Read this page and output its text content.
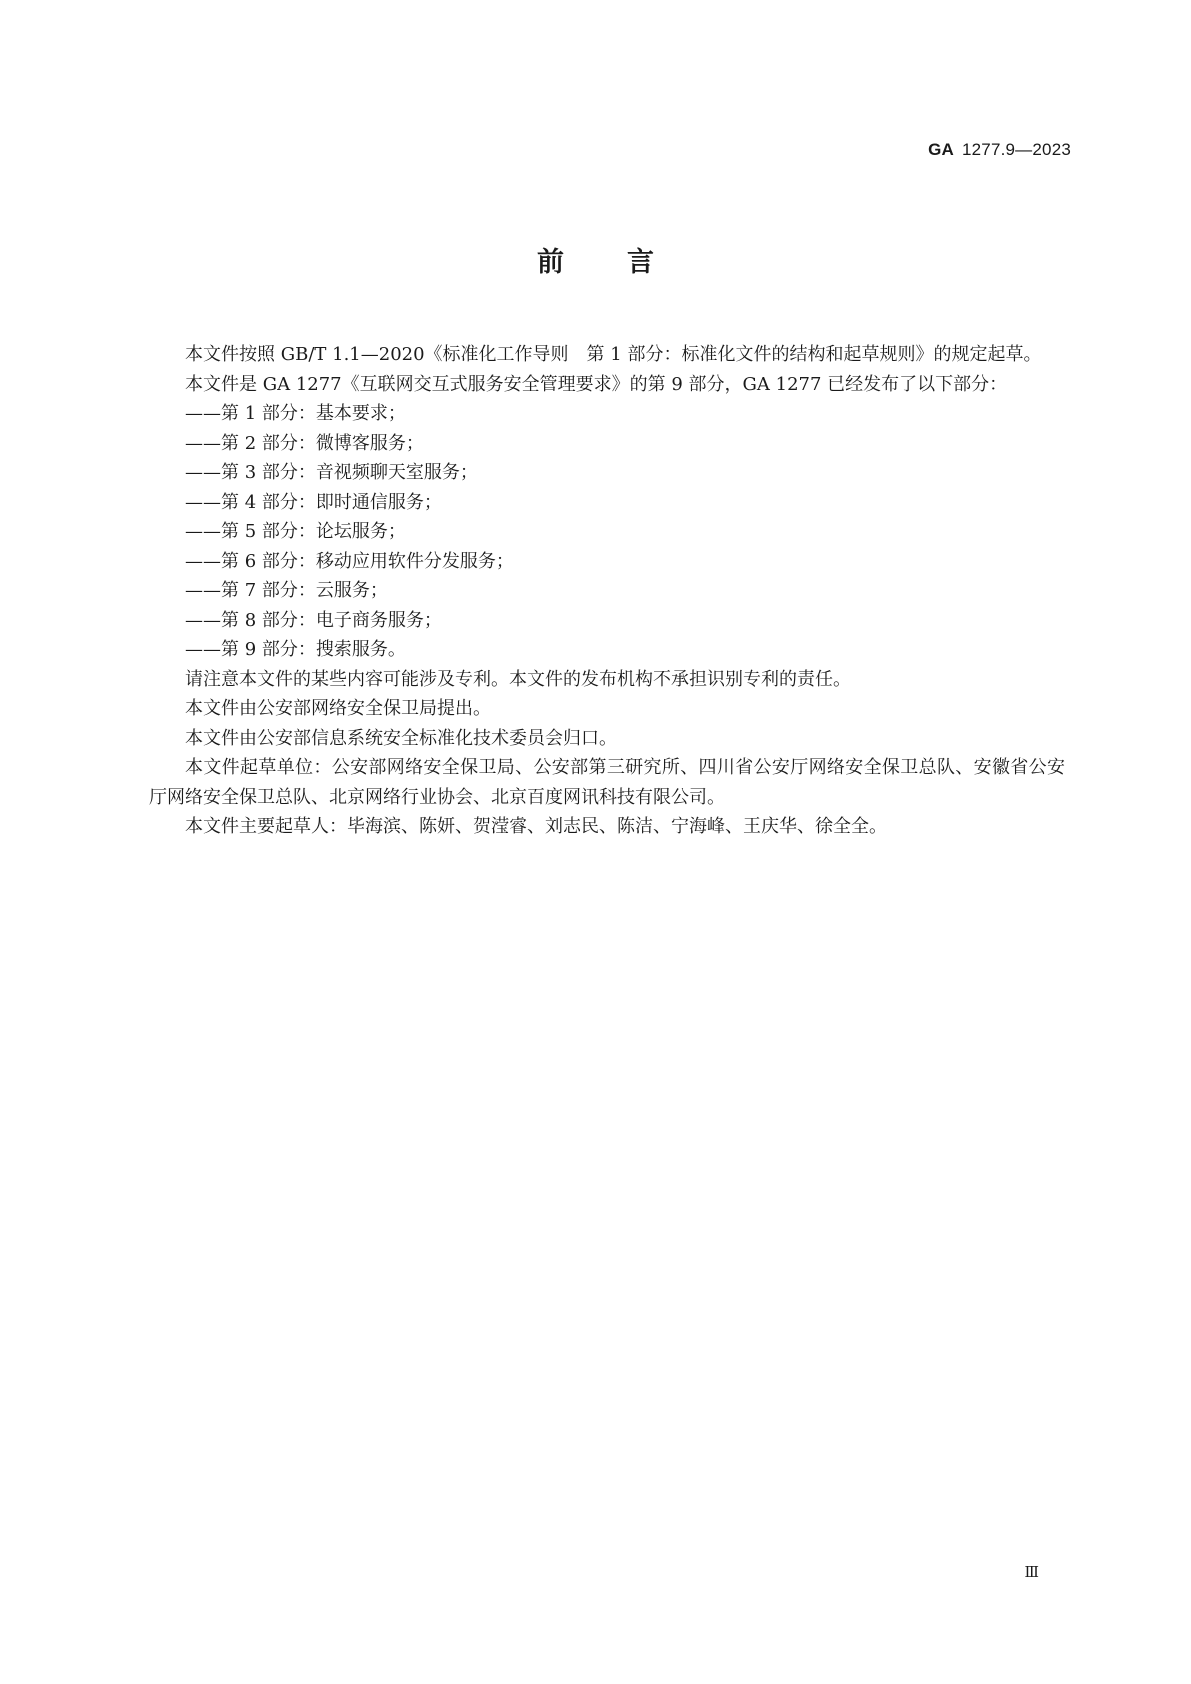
GA 1277.9—2023
前言

本文件按照 GB/T 1.1—2020《标准化工作导则　第 1 部分：标准化文件的结构和起草规则》的规定起草。

本文件是 GA 1277《互联网交互式服务安全管理要求》的第 9 部分，GA 1277 已经发布了以下部分：

——第 1 部分：基本要求；

——第 2 部分：微博客服务；

——第 3 部分：音视频聊天室服务；

——第 4 部分：即时通信服务；

——第 5 部分：论坛服务；

——第 6 部分：移动应用软件分发服务；

——第 7 部分：云服务；

——第 8 部分：电子商务服务；

——第 9 部分：搜索服务。

请注意本文件的某些内容可能涉及专利。本文件的发布机构不承担识别专利的责任。

本文件由公安部网络安全保卫局提出。

本文件由公安部信息系统安全标准化技术委员会归口。

本文件起草单位：公安部网络安全保卫局、公安部第三研究所、四川省公安厅网络安全保卫总队、安徽省公安厅网络安全保卫总队、北京网络行业协会、北京百度网讯科技有限公司。

本文件主要起草人：毕海滨、陈妍、贺滢睿、刘志民、陈洁、宁海峰、王庆华、徐全全。

Ⅲ
